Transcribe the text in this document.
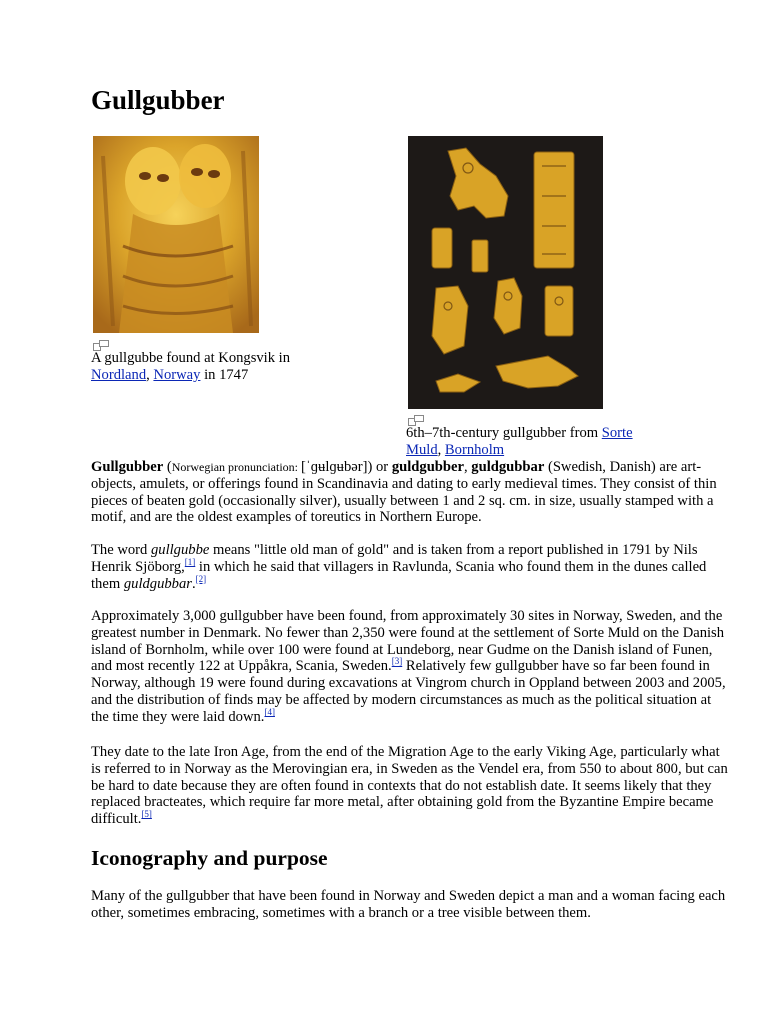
Gullgubber
A gullgubbe found at Kongsvik in
Nordland, Norway in 1747
6th–7th-century gullgubber from Sorte Muld, Bornholm

Gullgubber (Norwegian pronunciation: [ˈɡʉlɡʉbər]) or guldgubber, guldgubbar (Swedish, Danish) are art-objects, amulets, or offerings found in Scandinavia and dating to early medieval times. They consist of thin pieces of beaten gold (occasionally silver), usually between 1 and 2 sq. cm. in size, usually stamped with a motif, and are the oldest examples of toreutics in Northern Europe.

The word gullgubbe means "little old man of gold" and is taken from a report published in 1791 by Nils Henrik Sjöborg,[1] in which he said that villagers in Ravlunda, Scania who found them in the dunes called them guldgubbar.[2]

Approximately 3,000 gullgubber have been found, from approximately 30 sites in Norway, Sweden, and the greatest number in Denmark. No fewer than 2,350 were found at the settlement of Sorte Muld on the Danish island of Bornholm, while over 100 were found at Lundeborg, near Gudme on the Danish island of Funen, and most recently 122 at Uppåkra, Scania, Sweden.[3] Relatively few gullgubber have so far been found in Norway, although 19 were found during excavations at Vingrom church in Oppland between 2003 and 2005, and the distribution of finds may be affected by modern circumstances as much as the political situation at the time they were laid down.[4]

They date to the late Iron Age, from the end of the Migration Age to the early Viking Age, particularly what is referred to in Norway as the Merovingian era, in Sweden as the Vendel era, from 550 to about 800, but can be hard to date because they are often found in contexts that do not establish date. It seems likely that they replaced bracteates, which require far more metal, after obtaining gold from the Byzantine Empire became difficult.[5]

Iconography and purpose

Many of the gullgubber that have been found in Norway and Sweden depict a man and a woman facing each other, sometimes embracing, sometimes with a branch or a tree visible between them.
